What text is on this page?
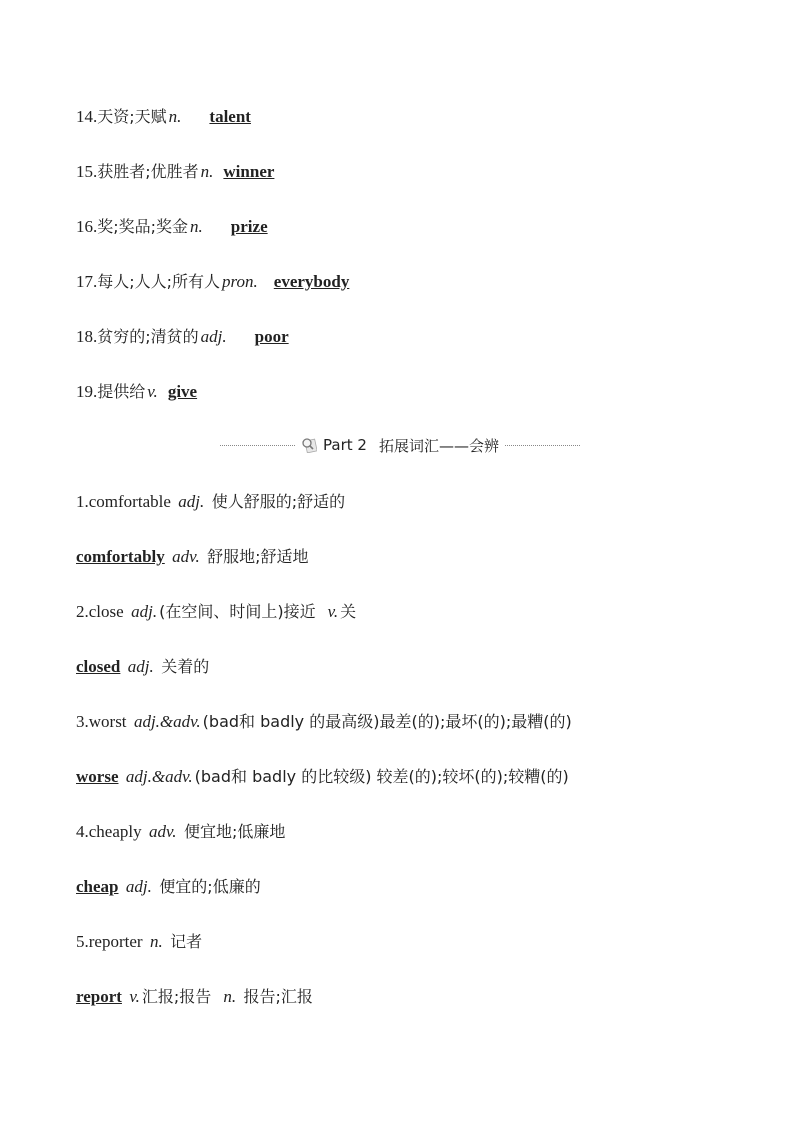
14.天资;天赋 n. talent
15.获胜者;优胜者 n. winner
16.奖;奖品;奖金 n. prize
17.每人;人人;所有人 pron. everybody
18.贫穷的;清贫的 adj. poor
19.提供给 v. give
Part 2 拓展词汇——会辨
1.comfortable adj. 使人舒服的;舒适的
comfortably adv. 舒服地;舒适地
2.close adj. (在空间、时间上)接近 v. 关
closed adj. 关着的
3.worst adj.&adv. (bad和 badly 的最高级)最差(的);最坏(的);最糟(的)
worse adj.&adv. (bad和 badly 的比较级) 较差(的);较坏(的);较糟(的)
4.cheaply adv. 便宜地;低廉地
cheap adj. 便宜的;低廉的
5.reporter n. 记者
report v. 汇报;报告 n. 报告;汇报
